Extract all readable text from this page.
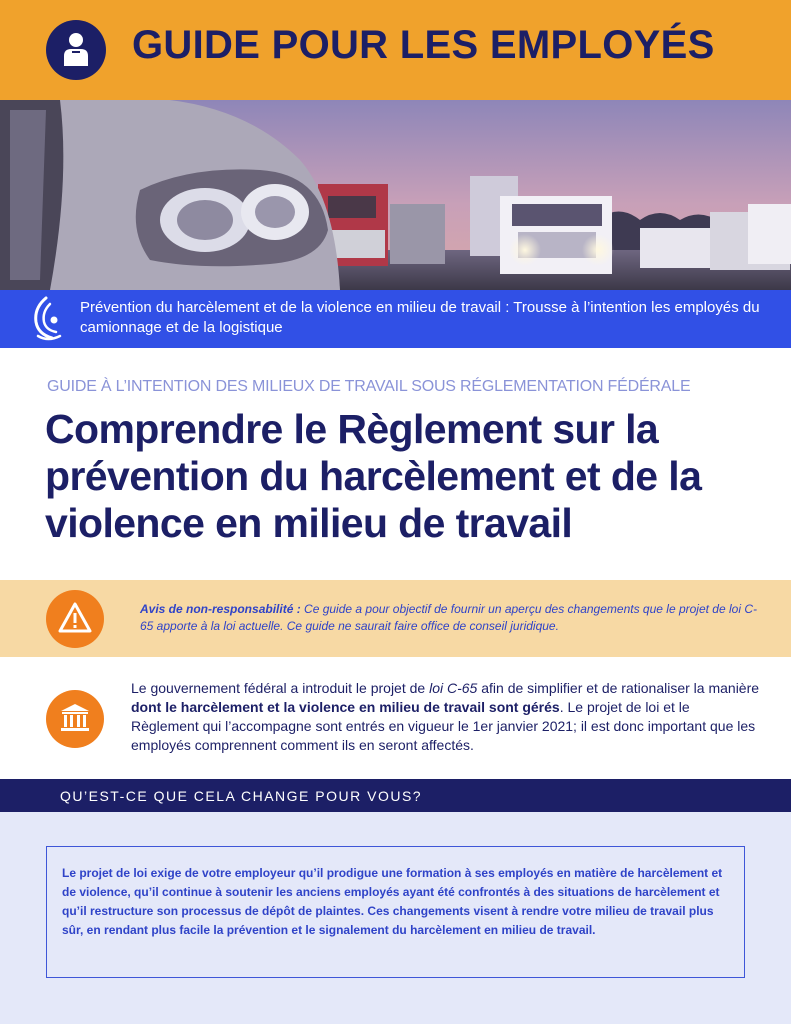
GUIDE POUR LES EMPLOYÉS
Prévention du harcèlement et de la violence en milieu de travail : Trousse à l’intention les employés du camionnage et de la logistique
GUIDE À L’INTENTION DES MILIEUX DE TRAVAIL SOUS RÉGLEMENTATION FÉDÉRALE
Comprendre le Règlement sur la prévention du harcèlement et de la violence en milieu de travail
Avis de non-responsabilité : Ce guide a pour objectif de fournir un aperçu des changements que le projet de loi C-65 apporte à la loi actuelle. Ce guide ne saurait faire office de conseil juridique.
Le gouvernement fédéral a introduit le projet de loi C-65 afin de simplifier et de rationaliser la manière dont le harcèlement et la violence en milieu de travail sont gérés. Le projet de loi et le Règlement qui l’accompagne sont entrés en vigueur le 1er janvier 2021; il est donc important que les employés comprennent comment ils en seront affectés.
QU’EST-CE QUE CELA CHANGE POUR VOUS?
Le projet de loi exige de votre employeur qu’il prodigue une formation à ses employés en matière de harcèlement et de violence, qu’il continue à soutenir les anciens employés ayant été confrontés à des situations de harcèlement et qu’il restructure son processus de dépôt de plaintes. Ces changements visent à rendre votre milieu de travail plus sûr, en rendant plus facile la prévention et le signalement du harcèlement en milieu de travail.
